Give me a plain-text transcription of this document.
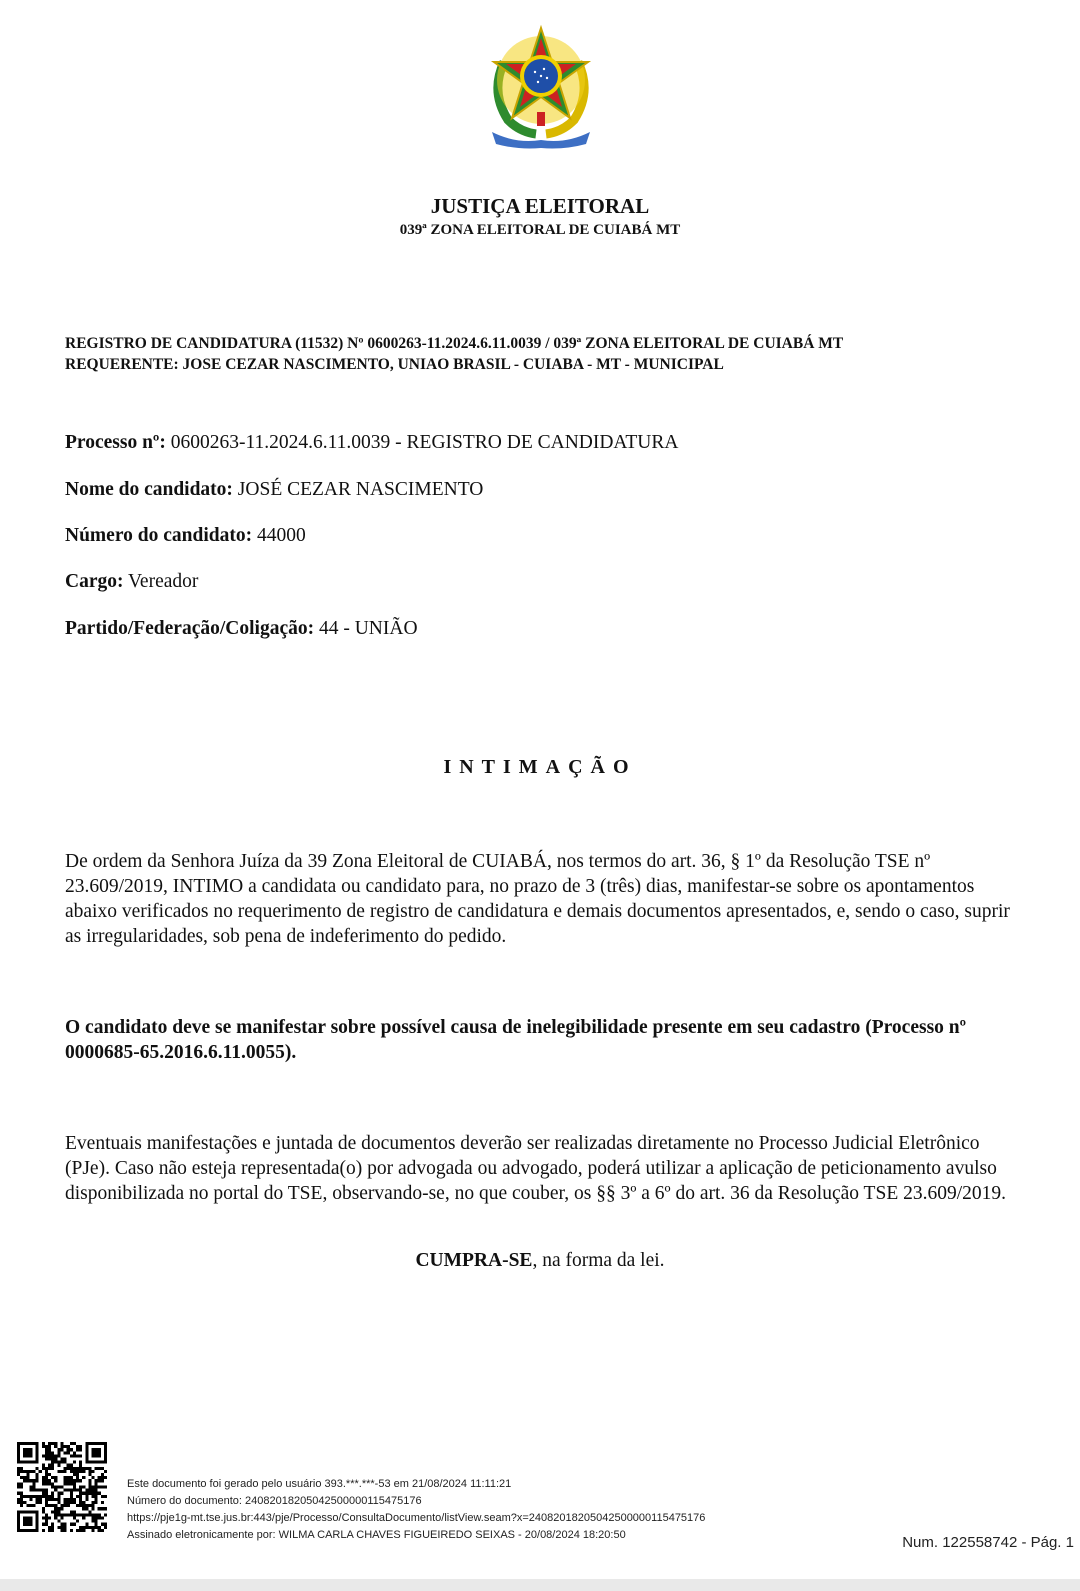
JUSTIÇA ELEITORAL
039ª ZONA ELEITORAL DE CUIABÁ MT
REGISTRO DE CANDIDATURA (11532) Nº 0600263-11.2024.6.11.0039 / 039ª ZONA ELEITORAL DE CUIABÁ MT
REQUERENTE: JOSE CEZAR NASCIMENTO, UNIAO BRASIL - CUIABA - MT - MUNICIPAL
Processo nº: 0600263-11.2024.6.11.0039 - REGISTRO DE CANDIDATURA
Nome do candidato: JOSÉ CEZAR NASCIMENTO
Número do candidato: 44000
Cargo: Vereador
Partido/Federação/Coligação: 44 - UNIÃO
INTIMAÇÃO
De ordem da Senhora Juíza da 39 Zona Eleitoral de CUIABÁ, nos termos do art. 36, § 1º da Resolução TSE nº 23.609/2019, INTIMO a candidata ou candidato para, no prazo de 3 (três) dias, manifestar-se sobre os apontamentos abaixo verificados no requerimento de registro de candidatura e demais documentos apresentados, e, sendo o caso, suprir as irregularidades, sob pena de indeferimento do pedido.
O candidato deve se manifestar sobre possível causa de inelegibilidade presente em seu cadastro (Processo nº 0000685-65.2016.6.11.0055).
Eventuais manifestações e juntada de documentos deverão ser realizadas diretamente no Processo Judicial Eletrônico (PJe). Caso não esteja representada(o) por advogada ou advogado, poderá utilizar a aplicação de peticionamento avulso disponibilizada no portal do TSE, observando-se, no que couber, os §§ 3º a 6º do art. 36 da Resolução TSE 23.609/2019.
CUMPRA-SE, na forma da lei.
Este documento foi gerado pelo usuário 393.***.***-53 em 21/08/2024 11:11:21
Número do documento: 24082018205042500000115475176
https://pje1g-mt.tse.jus.br:443/pje/Processo/ConsultaDocumento/listView.seam?x=24082018205042500000115475176
Assinado eletronicamente por: WILMA CARLA CHAVES FIGUEIREDO SEIXAS - 20/08/2024 18:20:50	Num. 122558742 - Pág. 1
